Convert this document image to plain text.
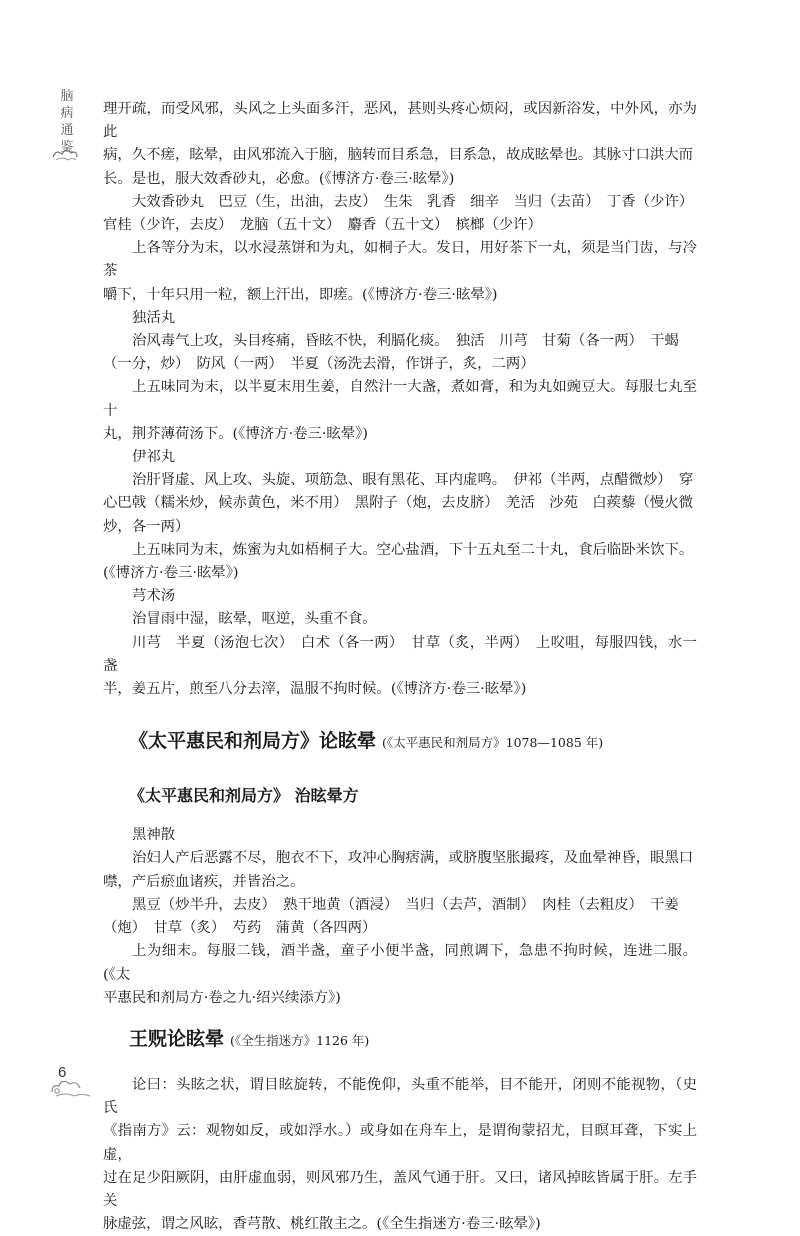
脑
病
通
鉴

理开疏，而受风邪，头风之上头面多汗，恶风，甚则头疼心烦闷，或因新浴发，中外风，亦为此

病，久不瘥，眩晕，由风邪流入于脑，脑转而目系急，目系急，故成眩晕也。其脉寸口洪大而

长。是也，服大效香砂丸，必愈。(《博济方·卷三·眩晕》)

大效香砂丸　巴豆（生，出油，去皮）　生朱　乳香　细辛　当归（去苗）　丁香（少许）

官桂（少许，去皮）　龙脑（五十文）　麝香（五十文）　槟榔（少许）

上各等分为末，以水浸蒸饼和为丸，如桐子大。发日，用好茶下一丸，须是当门齿，与冷茶

嚼下，十年只用一粒，额上汗出，即瘥。(《博济方·卷三·眩晕》)

独活丸

治风毒气上攻，头目疼痛，昏眩不快，利膈化痰。　独活　川芎　甘菊（各一两）　干蝎

（一分，炒）　防风（一两）　半夏（汤洗去滑，作饼子，炙，二两）

上五味同为末，以半夏末用生姜，自然汁一大盏，煮如膏，和为丸如豌豆大。每服七丸至十

丸，荆芥薄荷汤下。(《博济方·卷三·眩晕》)

伊祁丸

治肝肾虚、风上攻、头旋、项筋急、眼有黑花、耳内虚鸣。　伊祁（半两，点醋微炒）　穿

心巴戟（糯米炒，候赤黄色，米不用）　黑附子（炮，去皮脐）　羌活　沙苑　白蒺藜（慢火微

炒，各一两）

上五味同为末，炼蜜为丸如梧桐子大。空心盐酒，下十五丸至二十丸，食后临卧米饮下。

(《博济方·卷三·眩晕》)

芎术汤

治冒雨中湿，眩晕，呕逆，头重不食。

川芎　半夏（汤泡七次）　白术（各一两）　甘草（炙，半两）　上㕮咀，每服四钱，水一盏

半，姜五片，煎至八分去滓，温服不拘时候。(《博济方·卷三·眩晕》)

《太平惠民和剂局方》论眩晕 (《太平惠民和剂局方》1078—1085 年)
《太平惠民和剂局方》 治眩晕方

黑神散

治妇人产后恶露不尽，胞衣不下，攻冲心胸痞满，或脐腹坚胀撮疼，及血晕神昏，眼黑口

噤，产后瘀血诸疾，并皆治之。

黑豆（炒半升，去皮）　熟干地黄（酒浸）　当归（去芦，酒制）　肉桂（去粗皮）　干姜

（炮）　甘草（炙）　芍药　蒲黄（各四两）

上为细末。每服二钱，酒半盏，童子小便半盏，同煎调下，急患不拘时候，连进二服。(《太

平惠民和剂局方·卷之九·绍兴续添方》)

王贶论眩晕 (《全生指迷方》1126 年)

论曰：头眩之状，谓目眩旋转，不能俛仰，头重不能举，目不能开，闭则不能视物，（史氏

《指南方》云：观物如反，或如浮水。）或身如在舟车上，是谓徇蒙招尤，目瞑耳聋，下实上虚，

过在足少阳厥阴，由肝虚血弱，则风邪乃生，盖风气通于肝。又曰，诸风掉眩皆属于肝。左手关

脉虚弦，谓之风眩，香芎散、桃红散主之。(《全生指迷方·卷三·眩晕》)

6
